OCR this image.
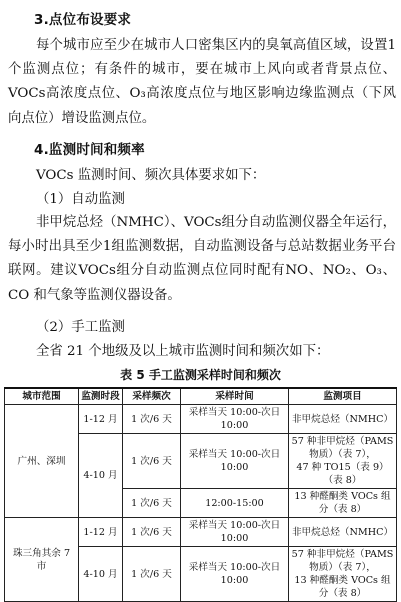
3.点位布设要求
每个城市应至少在城市人口密集区内的臭氧高值区域，设置1个监测点位；有条件的城市，要在城市上风向或者背景点位、VOCs高浓度点位、O₃高浓度点位与地区影响边缘监测点（下风向点位）增设监测点位。
4.监测时间和频率
VOCs 监测时间、频次具体要求如下：
（1）自动监测
非甲烷总烃（NMHC）、VOCs组分自动监测仪器全年运行，每小时出具至少1组监测数据，自动监测设备与总站数据业务平台联网。建议VOCs组分自动监测点位同时配有NO、NO₂、O₃、CO 和气象等监测仪器设备。
（2）手工监测
全省 21 个地级及以上城市监测时间和频次如下：
表 5 手工监测采样时间和频次
城市范围	监测时段	采样频次	采样时间	监测项目
广州、深圳	1-12 月	1 次/6 天	采样当天 10:00-次日 10:00	非甲烷总烃（NMHC）
	4-10 月	1 次/6 天	采样当天 10:00-次日 10:00	57 种非甲烷烃（PAMS 物质）（表 7），
47 种 TO15（表 9）（表 8）

		1 次/6 天	12:00-15:00	13 种醛酮类 VOCs 组分（表 8）
珠三角其余 7 市	1-12 月	1 次/6 天	采样当天 10:00-次日 10:00	非甲烷总烃（NMHC）
	4-10 月	1 次/6 天	采样当天 10:00-次日 10:00	57 种非甲烷烃（PAMS 物质）（表 7），
13 种醛酮类 VOCs 组分（表 8）
